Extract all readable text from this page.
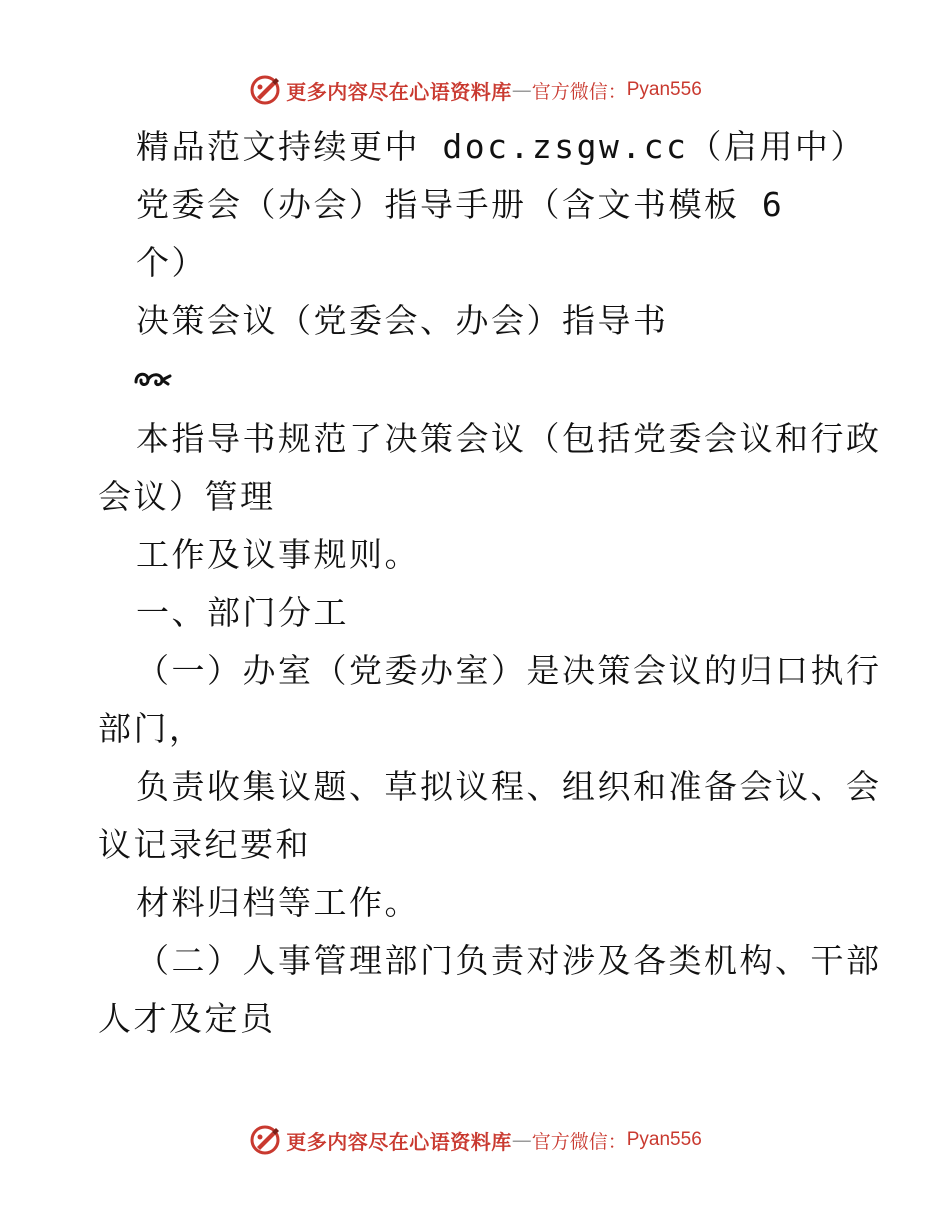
更多内容尽在心语资料库 — 官方微信： Pyan556
精品范文持续更中 doc.zsgw.cc（启用中）
党委会（办会）指导手册（含文书模板 6
个）
决策会议（党委会、办会）指导书
本指导书规范了决策会议（包括党委会议和行政
会议）管理
工作及议事规则。
一、部门分工
（一）办室（党委办室）是决策会议的归口执行
部门，
负责收集议题、草拟议程、组织和准备会议、会
议记录纪要和
材料归档等工作。
（二）人事管理部门负责对涉及各类机构、干部
人才及定员
更多内容尽在心语资料库 — 官方微信： Pyan556
